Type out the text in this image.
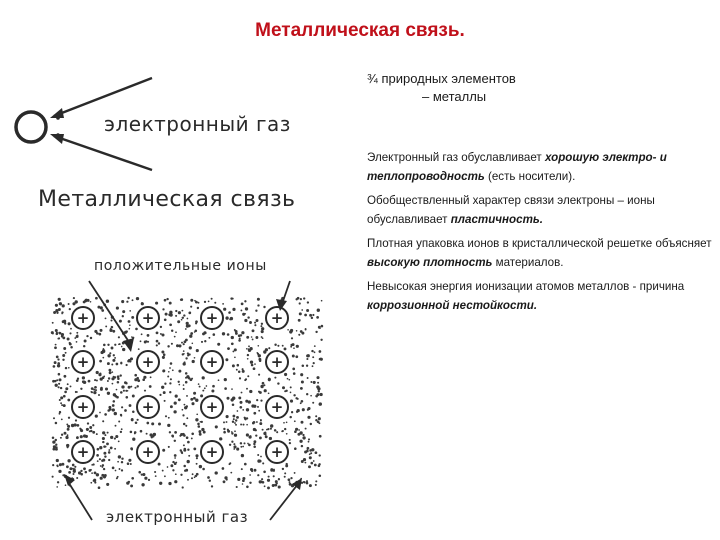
Металлическая связь.
+	+	+	+
+	+	+	+
+	+	+	+
+	+	+	+
электронный газ
Металлическая связь
положительные ионы
электронный газ
¾ природных элементов
– металлы
Электронный газ обуславливает хорошую электро- и теплопроводность (есть носители).
Обобществленный характер связи электроны – ионы обуславливает пластичность.
Плотная упаковка ионов в кристаллической решетке объясняет высокую плотность материалов.
Невысокая энергия ионизации атомов металлов - причина коррозионной нестойкости.
